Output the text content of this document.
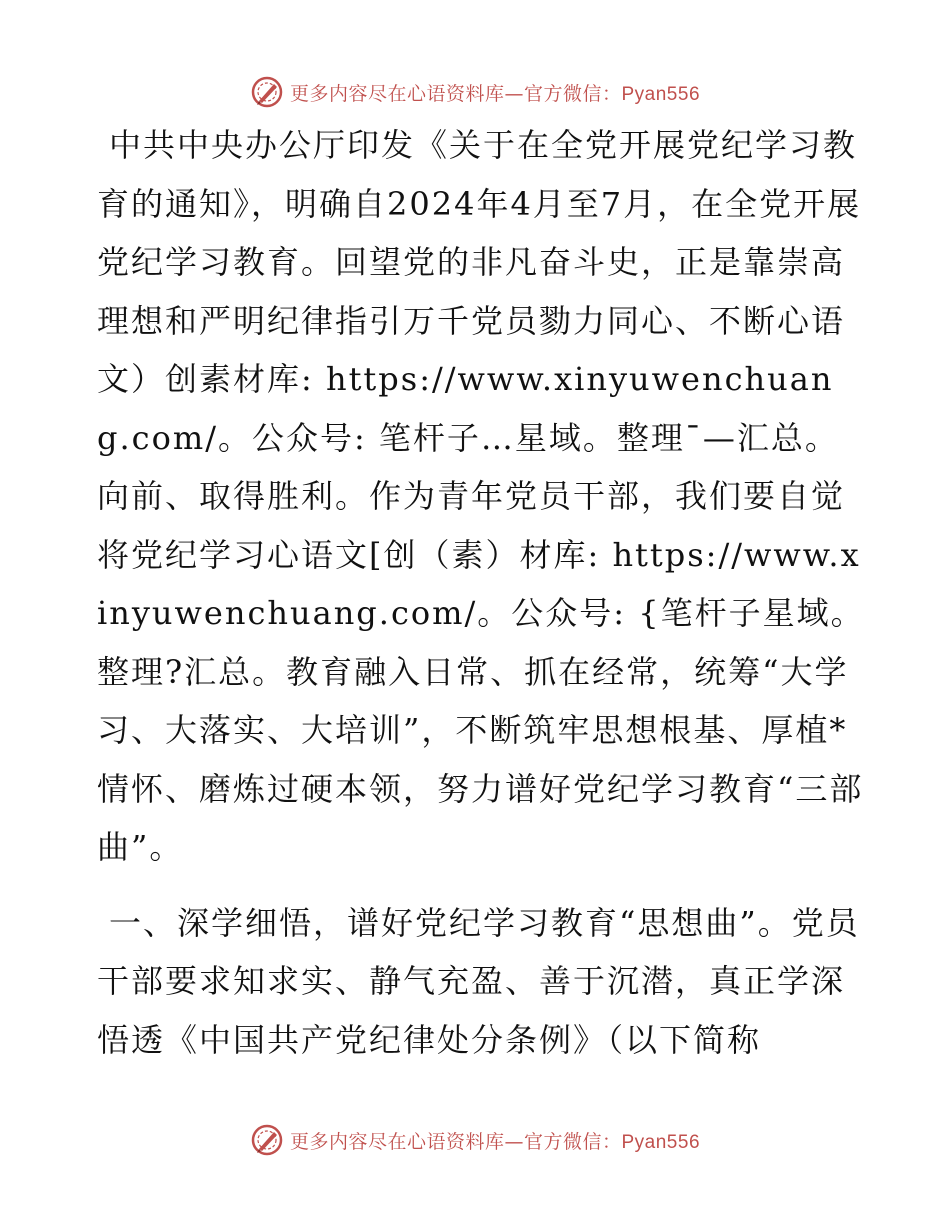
更多内容尽在心语资料库—官方微信：Pyan556

中共中央办公厅印发《关于在全党开展党纪学习教育的通知》，明确自2024年4月至7月，在全党开展党纪学习教育。回望党的非凡奋斗史，正是靠崇高理想和严明纪律指引万千党员勠力同心、不断心语文）创素材库: https://www.xinyuwenchuang.com/。公众号: 笔杆子…星域。整理¯—汇总。向前、取得胜利。作为青年党员干部，我们要自觉将党纪学习心语文[创（素）材库: https://www.xinyuwenchuang.com/。公众号: {笔杆子星域。整理?汇总。教育融入日常、抓在经常，统筹“大学习、大落实、大培训”，不断筑牢思想根基、厚植*情怀、磨炼过硬本领，努力谱好党纪学习教育“三部曲”。

一、深学细悟，谱好党纪学习教育“思想曲”。党员干部要求知求实、静气充盈、善于沉潜，真正学深悟透《中国共产党纪律处分条例》（以下简称

更多内容尽在心语资料库—官方微信：Pyan556
